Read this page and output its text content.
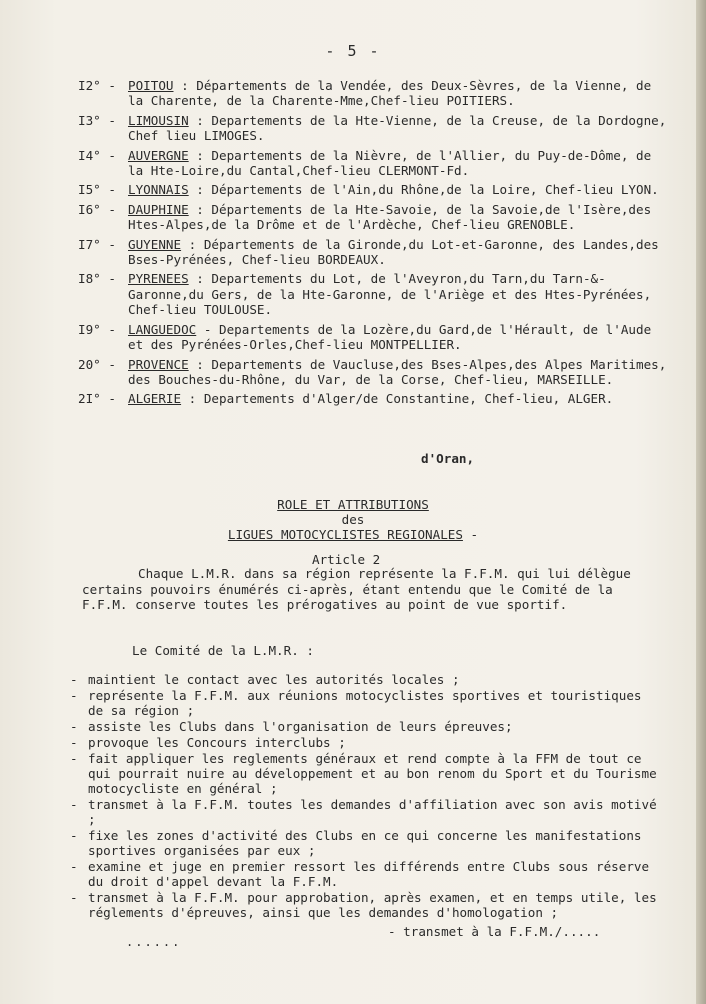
- 5 -
I2° - POITOU : Départements de la Vendée, des Deux-Sèvres, de la Vienne, de la Charente, de la Charente-Mme,Chef-lieu POITIERS.
I3° - LIMOUSIN : Departements de la Hte-Vienne, de la Creuse, de la Dordogne, Chef lieu LIMOGES.
I4° - AUVERGNE : Departements de la Nièvre, de l'Allier, du Puy-de-Dôme, de la Hte-Loire,du Cantal,Chef-lieu CLERMONT-Fd.
I5° - LYONNAIS : Départements de l'Ain,du Rhône,de la Loire, Chef-lieu LYON.
I6° - DAUPHINE : Départements de la Hte-Savoie, de la Savoie,de l'Isère,des Htes-Alpes,de la Drôme et de l'Ardèche, Chef-lieu GRENOBLE.
I7° - GUYENNE : Départements de la Gironde,du Lot-et-Garonne, des Landes,des Bses-Pyrénées, Chef-lieu BORDEAUX.
I8° - PYRENEES : Departements du Lot, de l'Aveyron,du Tarn,du Tarn-&-Garonne,du Gers, de la Hte-Garonne, de l'Ariège et des Htes-Pyrénées, Chef-lieu TOULOUSE.
I9° - LANGUEDOC - Departements de la Lozère,du Gard,de l'Hérault, de l'Aude et des Pyrénées-Orles,Chef-lieu MONTPELLIER.
20° - PROVENCE : Departements de Vaucluse,des Bses-Alpes,des Alpes Maritimes, des Bouches-du-Rhône, du Var, de la Corse, Chef-lieu, MARSEILLE.
2I° - ALGERIE : Departements d'Alger/de Constantine, Chef-lieu, ALGER.
d'Oran,
ROLE ET ATTRIBUTIONS
des
LIGUES MOTOCYCLISTES REGIONALES -
Article 2
Chaque L.M.R. dans sa région représente la F.F.M. qui lui délègue certains pouvoirs énumérés ci-après, étant entendu que le Comité de la F.F.M. conserve toutes les prérogatives au point de vue sportif.
Le Comité de la L.M.R. :
- maintient le contact avec les autorités locales ;
- représente la F.F.M. aux réunions motocyclistes sportives et touristiques de sa région ;
- assiste les Clubs dans l'organisation de leurs épreuves;
- provoque les Concours interclubs ;
- fait appliquer les reglements généraux et rend compte à la FFM de tout ce qui pourrait nuire au développement et au bon renom du Sport et du Tourisme motocycliste en général ;
- transmet à la F.F.M. toutes les demandes d'affiliation avec son avis motivé ;
- fixe les zones d'activité des Clubs en ce qui concerne les manifestations sportives organisées par eux ;
- examine et juge en premier ressort les différends entre Clubs sous réserve du droit d'appel devant la F.F.M.
- transmet à la F.F.M. pour approbation, après examen, et en temps utile, les réglements d'épreuves, ainsi que les demandes d'homologation ;
- transmet à la F.F.M./.....
......
